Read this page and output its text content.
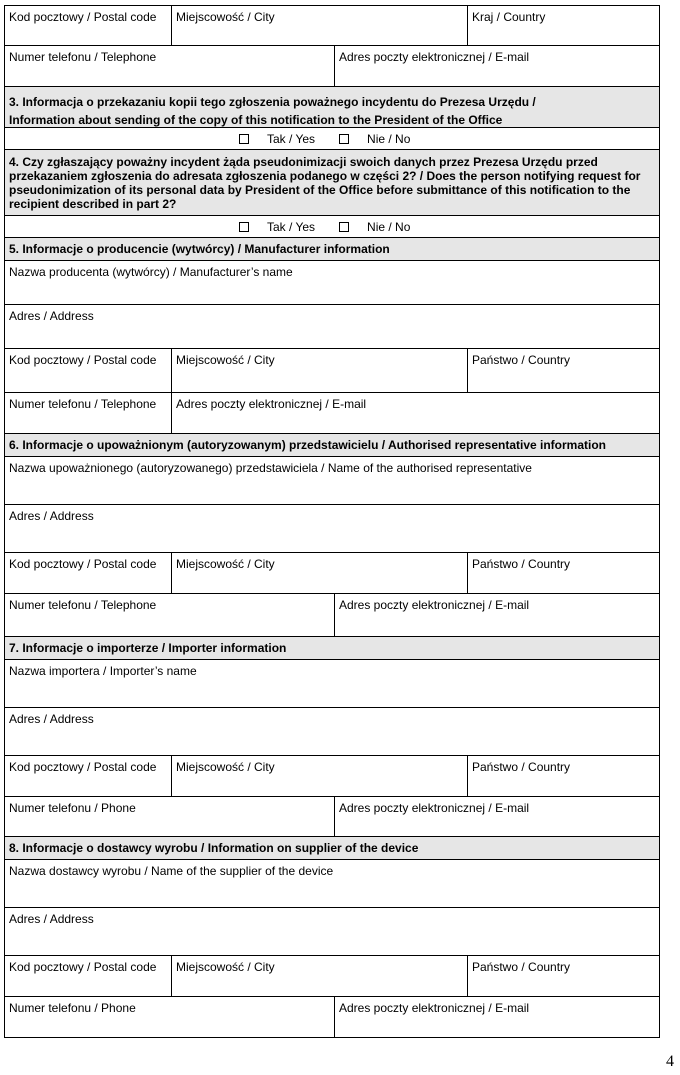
Kod pocztowy / Postal code	Miejscowość / City	Kraj / Country
Numer telefonu / Telephone	Adres poczty elektronicznej / E-mail
3. Informacja o przekazaniu kopii tego zgłoszenia poważnego incydentu do Prezesa Urzędu /
Information about sending of the copy of this notification to the President of the Office
Tak / Yes	Nie / No
4. Czy zgłaszający poważny incydent żąda pseudonimizacji swoich danych przez Prezesa Urzędu przed
przekazaniem zgłoszenia do adresata zgłoszenia podanego w części 2? / Does the person notifying request for
pseudonimization of its personal data by President of the Office before submittance of this notification to the
recipient described in part 2?
Tak / Yes	Nie / No
5. Informacje o producencie (wytwórcy) / Manufacturer information
Nazwa producenta (wytwórcy) / Manufacturer’s name
Adres / Address
Kod pocztowy / Postal code	Miejscowość / City	Państwo / Country
Numer telefonu / Telephone	Adres poczty elektronicznej / E-mail
6. Informacje o upoważnionym (autoryzowanym) przedstawicielu / Authorised representative information
Nazwa upoważnionego (autoryzowanego) przedstawiciela / Name of the authorised representative
Adres / Address
Kod pocztowy / Postal code	Miejscowość / City	Państwo / Country
Numer telefonu / Telephone	Adres poczty elektronicznej / E-mail
7. Informacje o importerze / Importer information
Nazwa importera / Importer’s name
Adres / Address
Kod pocztowy / Postal code	Miejscowość / City	Państwo / Country
Numer telefonu / Phone	Adres poczty elektronicznej / E-mail
8. Informacje o dostawcy wyrobu / Information on supplier of the device
Nazwa dostawcy wyrobu / Name of the supplier of the device
Adres / Address
Kod pocztowy / Postal code	Miejscowość / City	Państwo / Country
Numer telefonu / Phone	Adres poczty elektronicznej / E-mail
4
